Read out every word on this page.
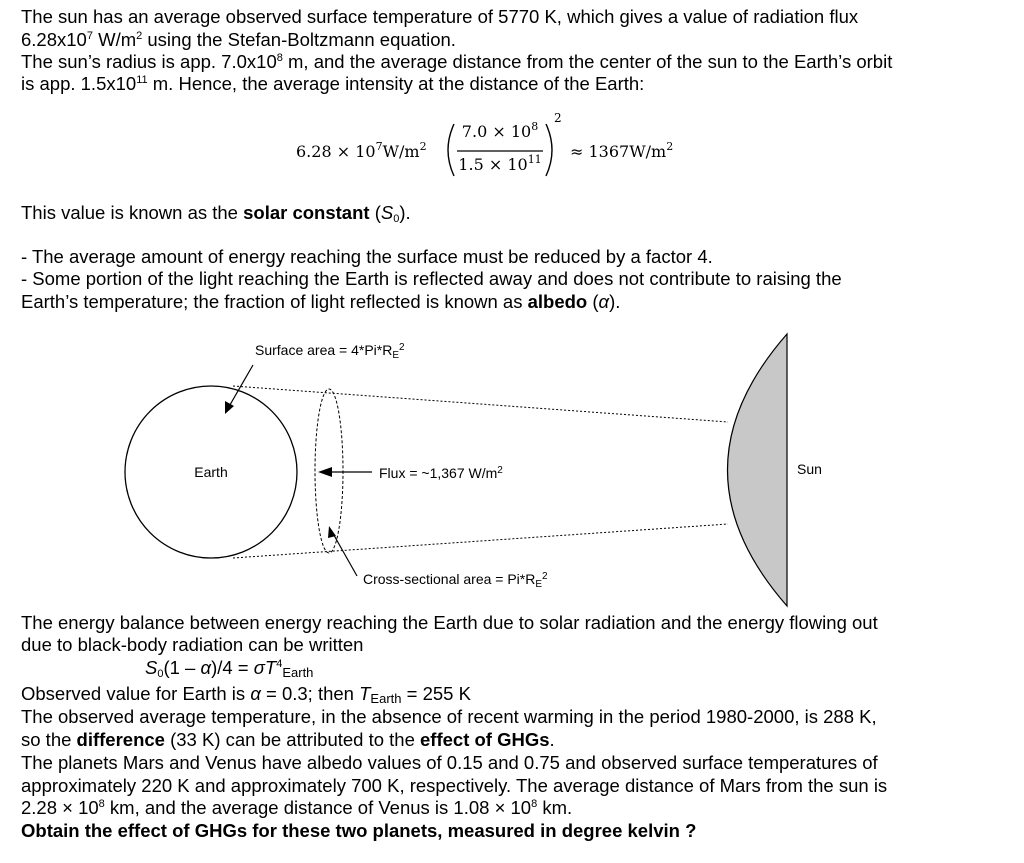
The sun has an average observed surface temperature of 5770 K, which gives a value of radiation flux
$6.28x10^7$ $W/m^2$ using the Stefan-Boltzmann equation.
The sun’s radius is app. $7.0x10^8$ m, and the average distance from the center of the sun to the Earth’s orbit
is app. $1.5x10^{11}$ m. Hence, the average intensity at the distance of the Earth:
$6.28 \times 10^7W/m^2$
$7.0 \times 10^8$
$1.5 \times 10^{11}$
2
≈ $1367W/m^2$
This value is known as the solar constant $(S_0)$.
- The average amount of energy reaching the surface must be reduced by a factor 4.
- Some portion of the light reaching the Earth is reflected away and does not contribute to raising the
Earth’s temperature; the fraction of light reflected is known as albedo (α).
Earth	Flux = ~1,367 $W/m^2$
Surface area = $4*Pi*R_E^2$
Cross-sectional area = $Pi*R_E^2$
Sun
The energy balance between energy reaching the Earth due to solar radiation and the energy flowing out
due to black-body radiation can be written
$S_0(1 - \alpha)/4 = \sigma T^4_{Earth}$
Observed value for Earth is α = 0.3; then $T_{Earth} = 255$ K
The observed average temperature, in the absence of recent warming in the period 1980-2000, is 288 K,
so the difference (33 K) can be attributed to the effect of GHGs.
The planets Mars and Venus have albedo values of 0.15 and 0.75 and observed surface temperatures of
approximately 220 K and approximately 700 K, respectively. The average distance of Mars from the sun is
$2.28 \times 10^8$ km, and the average distance of Venus is $1.08 \times 10^8$ km.
Obtain the effect of GHGs for these two planets, measured in degree kelvin ?
